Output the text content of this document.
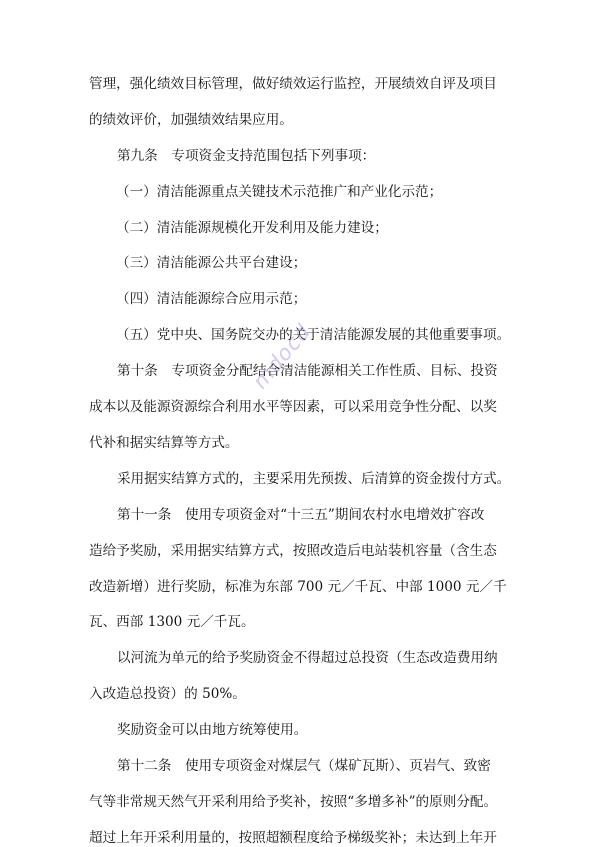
管理，强化绩效目标管理，做好绩效运行监控，开展绩效自评及项目
的绩效评价，加强绩效结果应用。
第九条　专项资金支持范围包括下列事项：
（一）清洁能源重点关键技术示范推广和产业化示范；
（二）清洁能源规模化开发利用及能力建设；
（三）清洁能源公共平台建设；
（四）清洁能源综合应用示范；
（五）党中央、国务院交办的关于清洁能源发展的其他重要事项。
第十条　专项资金分配结合清洁能源相关工作性质、目标、投资
成本以及能源资源综合利用水平等因素，可以采用竞争性分配、以奖
代补和据实结算等方式。
采用据实结算方式的，主要采用先预拨、后清算的资金拨付方式。
第十一条　使用专项资金对“十三五”期间农村水电增效扩容改
造给予奖励，采用据实结算方式，按照改造后电站装机容量（含生态
改造新增）进行奖励，标准为东部 700 元／千瓦、中部 1000 元／千
瓦、西部 1300 元／千瓦。
以河流为单元的给予奖励资金不得超过总投资（生态改造费用纳
入改造总投资）的 50%。
奖励资金可以由地方统筹使用。
第十二条　使用专项资金对煤层气（煤矿瓦斯）、页岩气、致密
气等非常规天然气开采利用给予奖补，按照“多增多补”的原则分配。
超过上年开采利用量的，按照超额程度给予梯级奖补；未达到上年开
mdocd
